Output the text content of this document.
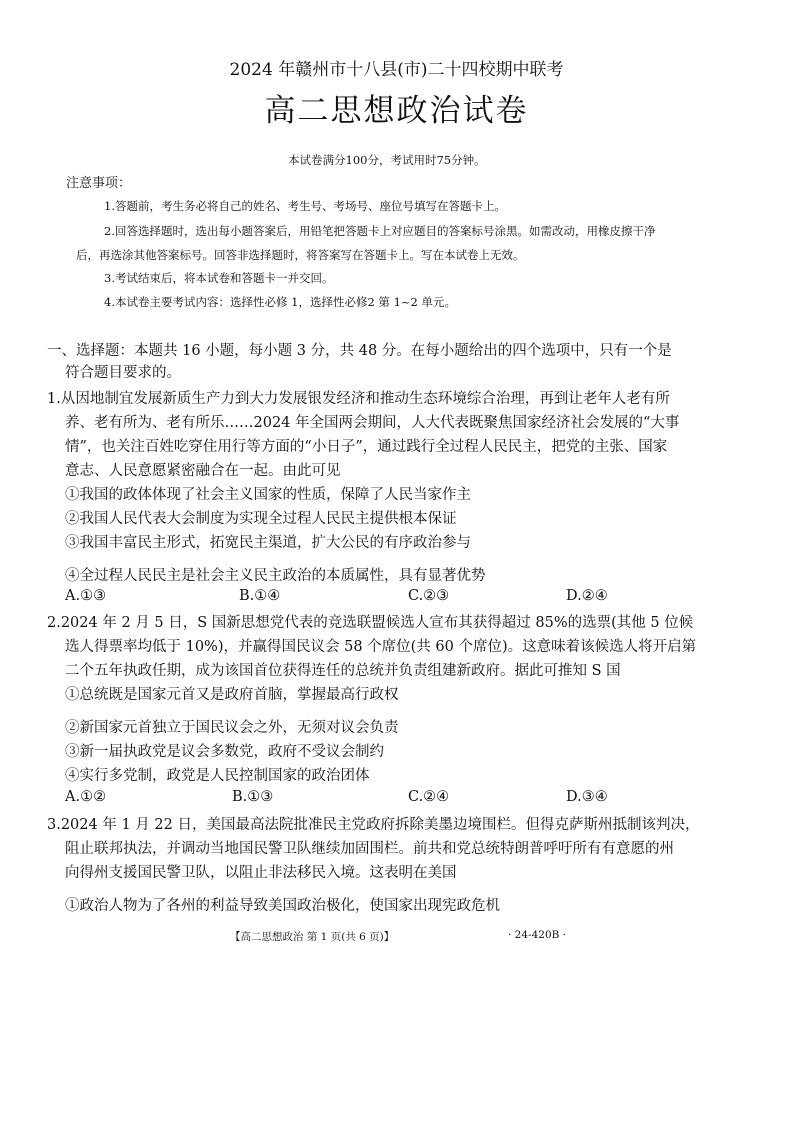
2024 年赣州市十八县(市)二十四校期中联考
高二思想政治试卷
本试卷满分100分，考试用时75分钟。
注意事项：
1.答题前，考生务必将自己的姓名、考生号、考场号、座位号填写在答题卡上。
2.回答选择题时，选出每小题答案后，用铅笔把答题卡上对应题目的答案标号涂黑。如需改动，用橡皮擦干净
后，再选涂其他答案标号。回答非选择题时，将答案写在答题卡上。写在本试卷上无效。
3.考试结束后，将本试卷和答题卡一并交回。
4.本试卷主要考试内容：选择性必修 1，选择性必修2 第 1~2 单元。
一、选择题：本题共 16 小题，每小题 3 分，共 48 分。在每小题给出的四个选项中，只有一个是
符合题目要求的。
1.从因地制宜发展新质生产力到大力发展银发经济和推动生态环境综合治理，再到让老年人老有所
养、老有所为、老有所乐……2024 年全国两会期间，人大代表既聚焦国家经济社会发展的“大事
情”，也关注百姓吃穿住用行等方面的“小日子”，通过践行全过程人民民主，把党的主张、国家
意志、人民意愿紧密融合在一起。由此可见
①我国的政体体现了社会主义国家的性质，保障了人民当家作主
②我国人民代表大会制度为实现全过程人民民主提供根本保证
③我国丰富民主形式，拓宽民主渠道，扩大公民的有序政治参与
④全过程人民民主是社会主义民主政治的本质属性，具有显著优势
A.①③	B.①④	C.②③	D.②④
2.2024 年 2 月 5 日，S 国新思想党代表的竞选联盟候选人宣布其获得超过 85%的选票(其他 5 位候
选人得票率均低于 10%)，并赢得国民议会 58 个席位(共 60 个席位)。这意味着该候选人将开启第
二个五年执政任期，成为该国首位获得连任的总统并负责组建新政府。据此可推知 S 国
①总统既是国家元首又是政府首脑，掌握最高行政权
②新国家元首独立于国民议会之外，无须对议会负责
③新一届执政党是议会多数党，政府不受议会制约
④实行多党制，政党是人民控制国家的政治团体
A.①②	B.①③	C.②④	D.③④
3.2024 年 1 月 22 日，美国最高法院批准民主党政府拆除美墨边境围栏。但得克萨斯州抵制该判决，
阻止联邦执法，并调动当地国民警卫队继续加固围栏。前共和党总统特朗普呼吁所有有意愿的州
向得州支援国民警卫队，以阻止非法移民入境。这表明在美国
①政治人物为了各州的利益导致美国政治极化，使国家出现宪政危机
【高二思想政治 第 1 页(共 6 页)】	· 24-420B ·
